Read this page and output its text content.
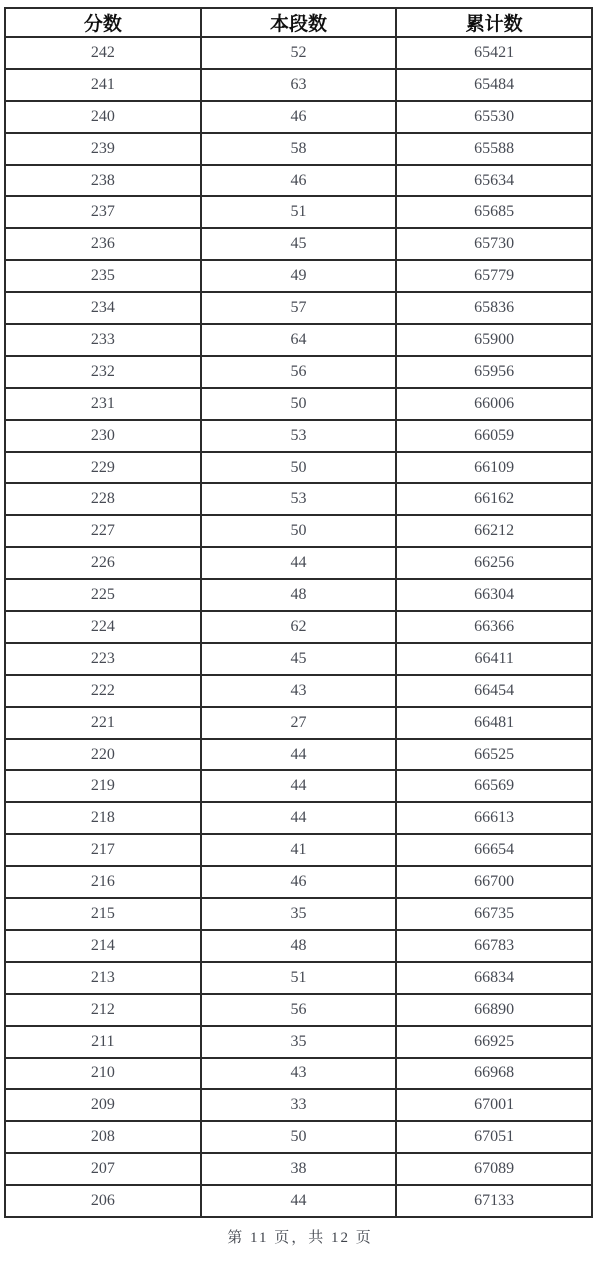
分数	本段数	累计数
242	52	65421
241	63	65484
240	46	65530
239	58	65588
238	46	65634
237	51	65685
236	45	65730
235	49	65779
234	57	65836
233	64	65900
232	56	65956
231	50	66006
230	53	66059
229	50	66109
228	53	66162
227	50	66212
226	44	66256
225	48	66304
224	62	66366
223	45	66411
222	43	66454
221	27	66481
220	44	66525
219	44	66569
218	44	66613
217	41	66654
216	46	66700
215	35	66735
214	48	66783
213	51	66834
212	56	66890
211	35	66925
210	43	66968
209	33	67001
208	50	67051
207	38	67089
206	44	67133
第 11 页，共 12 页
